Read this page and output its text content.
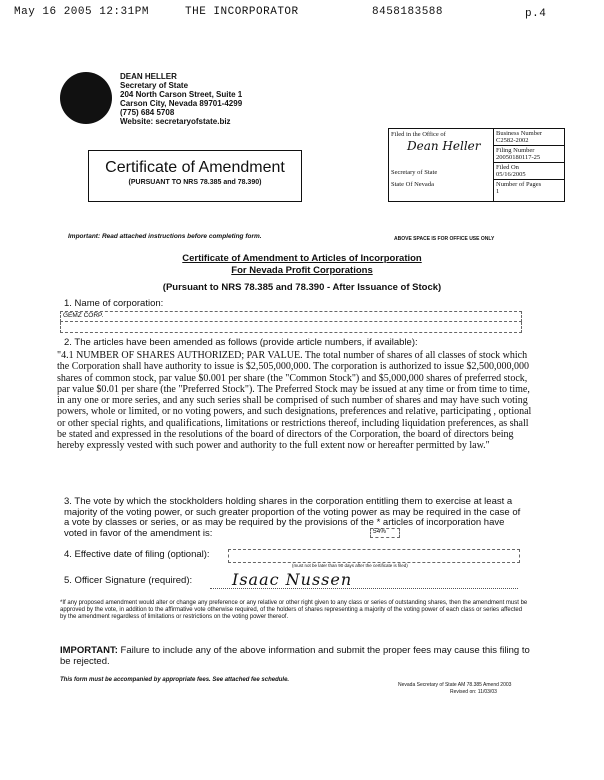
May 16 2005 12:31PM	THE INCORPORATOR	8458183588	p.4
DEAN HELLER
Secretary of State
204 North Carson Street, Suite 1
Carson City, Nevada 89701-4299
(775) 684 5708
Website: secretaryofstate.biz
Certificate of Amendment
(PURSUANT TO NRS 78.385 and 78.390)
Filed in the Office of
Dean Heller
Secretary of State
State Of Nevada
Business Number
C2582-2002
Filing Number
20050180117-25
Filed On
05/16/2005
Number of Pages
1
Important: Read attached instructions before completing form.	ABOVE SPACE IS FOR OFFICE USE ONLY
Certificate of Amendment to Articles of Incorporation
For Nevada Profit Corporations
(Pursuant to NRS 78.385 and 78.390 - After Issuance of Stock)
1. Name of corporation:
GEMZ CORP.
2. The articles have been amended as follows (provide article numbers, if available):
"4.1 NUMBER OF SHARES AUTHORIZED; PAR VALUE. The total number of shares of all classes of stock which the Corporation shall have authority to issue is $2,505,000,000. The corporation is authorized to issue $2,500,000,000 shares of common stock, par value $0.001 per share (the "Common Stock") and $5,000,000 shares of preferred stock, par value $0.01 per share (the "Preferred Stock"). The Preferred Stock may be issued at any time or from time to time, in any one or more series, and any such series shall be comprised of such number of shares and may have such voting powers, whole or limited, or no voting powers, and such designations, preferences and relative, participating , optional or other special rights, and qualifications, limitations or restrictions thereof, including liquidation preferences, as shall be stated and expressed in the resolutions of the board of directors of the Corporation, the board of directors being hereby expressly vested with such power and authority to the full extent now or hereafter permitted by law."
3. The vote by which the stockholders holding shares in the corporation entitling them to exercise at least a majority of the voting power, or such greater proportion of the voting power as may be required in the case of a vote by classes or series, or as may be required by the provisions of the * articles of incorporation have voted in favor of the amendment is:	54%
4. Effective date of filing (optional):
5. Officer Signature (required):
(must not be later than 90 days after the certificate is filed)
Isaac Nussen
*If any proposed amendment would alter or change any preference or any relative or other right given to any class or series of outstanding shares, then the amendment must be approved by the vote, in addition to the affirmative vote otherwise required, of the holders of shares representing a majority of the voting power of each class or series affected by the amendment regardless of limitations or restrictions on the voting power thereof.
IMPORTANT: Failure to include any of the above information and submit the proper fees may cause this filing to be rejected.
This form must be accompanied by appropriate fees. See attached fee schedule.
Nevada Secretary of State AM 78.385 Amend 2003
Revised on: 11/03/03
